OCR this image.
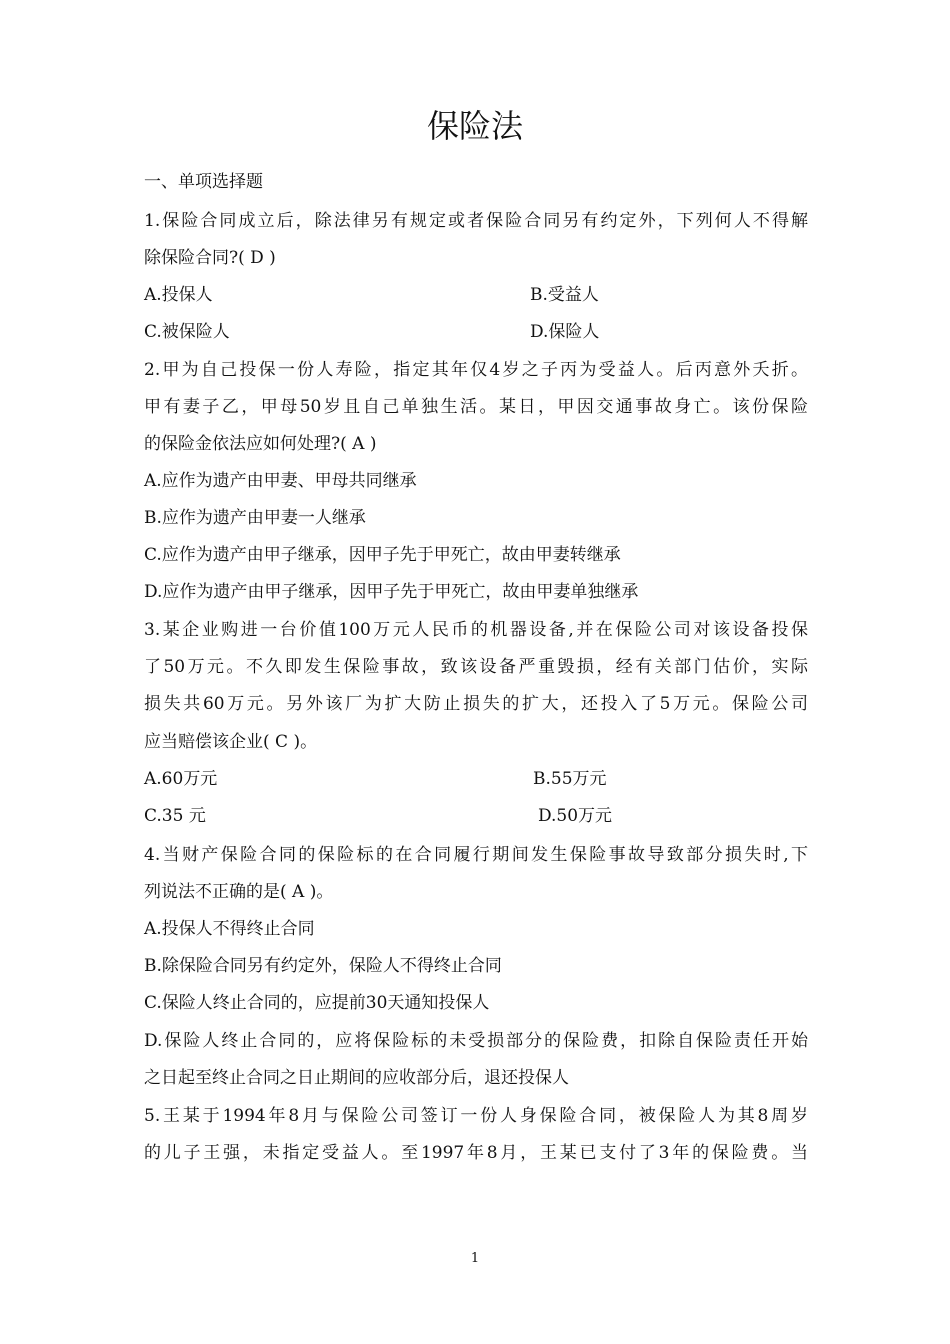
保险法
一、单项选择题
1.保险合同成立后，除法律另有规定或者保险合同另有约定外，下列何人不得解
除保险合同?( D )
A.投保人	B.受益人
C.被保险人	D.保险人
2.甲为自己投保一份人寿险，指定其年仅4岁之子丙为受益人。后丙意外夭折。
甲有妻子乙，甲母50岁且自己单独生活。某日，甲因交通事故身亡。该份保险
的保险金依法应如何处理?( A )
A.应作为遗产由甲妻、甲母共同继承
B.应作为遗产由甲妻一人继承
C.应作为遗产由甲子继承，因甲子先于甲死亡，故由甲妻转继承
D.应作为遗产由甲子继承，因甲子先于甲死亡，故由甲妻单独继承
3.某企业购进一台价值100万元人民币的机器设备,并在保险公司对该设备投保
了50万元。不久即发生保险事故，致该设备严重毁损，经有关部门估价，实际
损失共60万元。另外该厂为扩大防止损失的扩大，还投入了5万元。保险公司
应当赔偿该企业( C )。
A.60万元	B.55万元
C.35 元	D.50万元
4.当财产保险合同的保险标的在合同履行期间发生保险事故导致部分损失时,下
列说法不正确的是( A )。
A.投保人不得终止合同
B.除保险合同另有约定外，保险人不得终止合同
C.保险人终止合同的，应提前30天通知投保人
D.保险人终止合同的，应将保险标的未受损部分的保险费，扣除自保险责任开始
之日起至终止合同之日止期间的应收部分后，退还投保人
5.王某于1994年8月与保险公司签订一份人身保险合同，被保险人为其8周岁
的儿子王强，未指定受益人。至1997年8月，王某已支付了3年的保险费。当
1
